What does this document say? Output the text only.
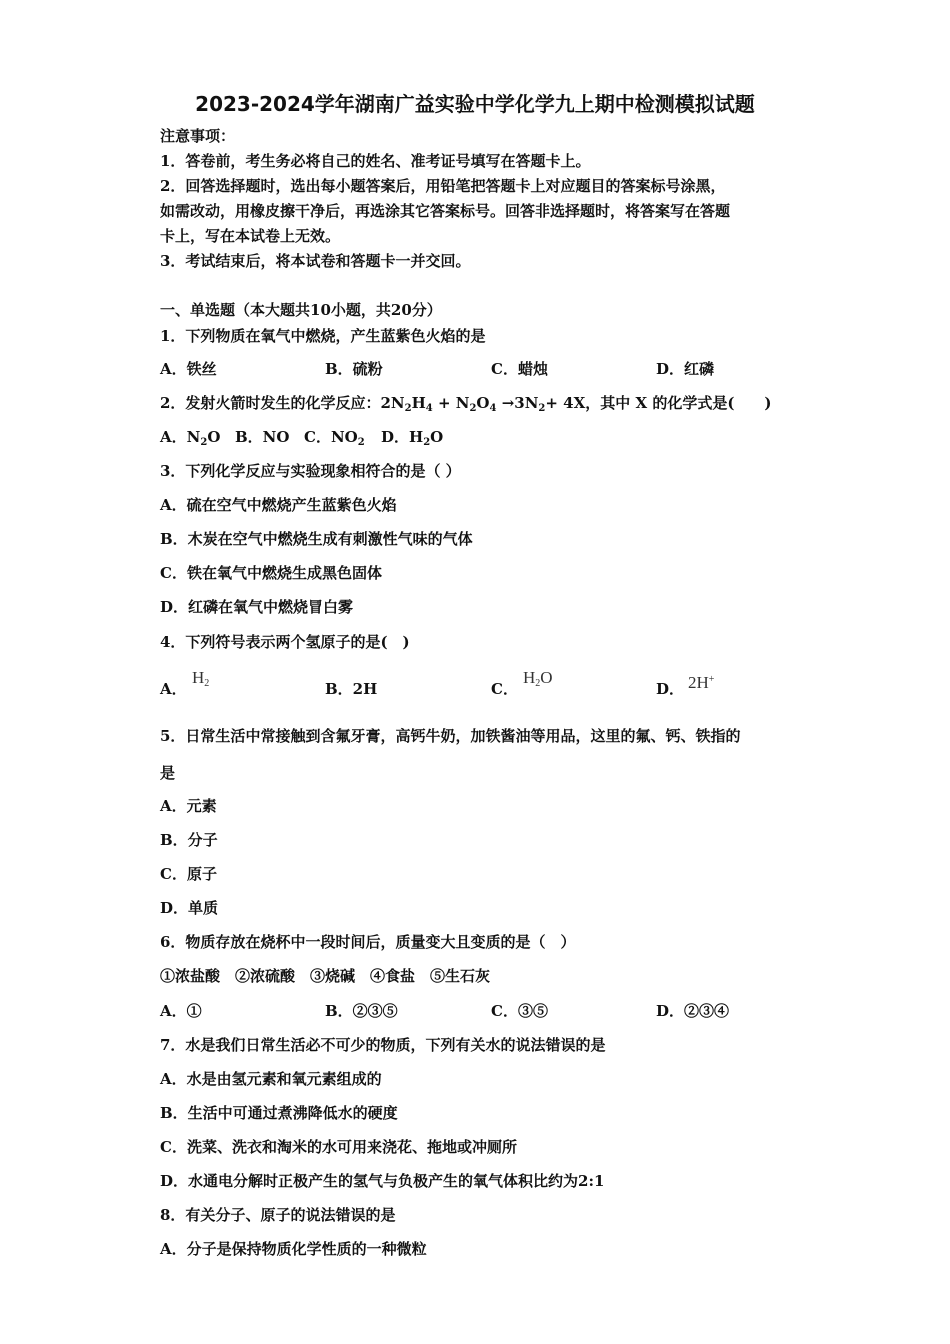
2023-2024学年湖南广益实验中学化学九上期中检测模拟试题
注意事项：
1．答卷前，考生务必将自己的姓名、准考证号填写在答题卡上。
2．回答选择题时，选出每小题答案后，用铅笔把答题卡上对应题目的答案标号涂黑，
如需改动，用橡皮擦干净后，再选涂其它答案标号。回答非选择题时，将答案写在答题
卡上，写在本试卷上无效。
3．考试结束后，将本试卷和答题卡一并交回。
一、单选题（本大题共10小题，共20分）
1．下列物质在氧气中燃烧，产生蓝紫色火焰的是
A．铁丝	B．硫粉	C．蜡烛	D．红磷
2．发射火箭时发生的化学反应：$2N_2H_4 + N_2O_4 \to 3N_2+ 4X$，其中 X 的化学式是(　　)
A．$N_2O$ B．NO C．$NO_2$ D．$H_2O$
3．下列化学反应与实验现象相符合的是（ ）
A．硫在空气中燃烧产生蓝紫色火焰
B．木炭在空气中燃烧生成有刺激性气味的气体
C．铁在氧气中燃烧生成黑色固体
D．红磷在氧气中燃烧冒白雾
4．下列符号表示两个氢原子的是(　)
A．
$H_2$	B．2H	C．
$H_2O$
D． 2H+
5．日常生活中常接触到含氟牙膏，高钙牛奶，加铁酱油等用品，这里的氟、钙、铁指的
是
A．元素
B．分子
C．原子
D．单质
6．物质存放在烧杯中一段时间后，质量变大且变质的是（　）
①浓盐酸　②浓硫酸　③烧碱　④食盐　⑤生石灰
A．①	B．②③⑤	C．③⑤	D．②③④
7．水是我们日常生活必不可少的物质，下列有关水的说法错误的是
A．水是由氢元素和氧元素组成的
B．生活中可通过煮沸降低水的硬度
C．洗菜、洗衣和淘米的水可用来浇花、拖地或冲厕所
D．水通电分解时正极产生的氢气与负极产生的氧气体积比约为2:1
8．有关分子、原子的说法错误的是
A．分子是保持物质化学性质的一种微粒
